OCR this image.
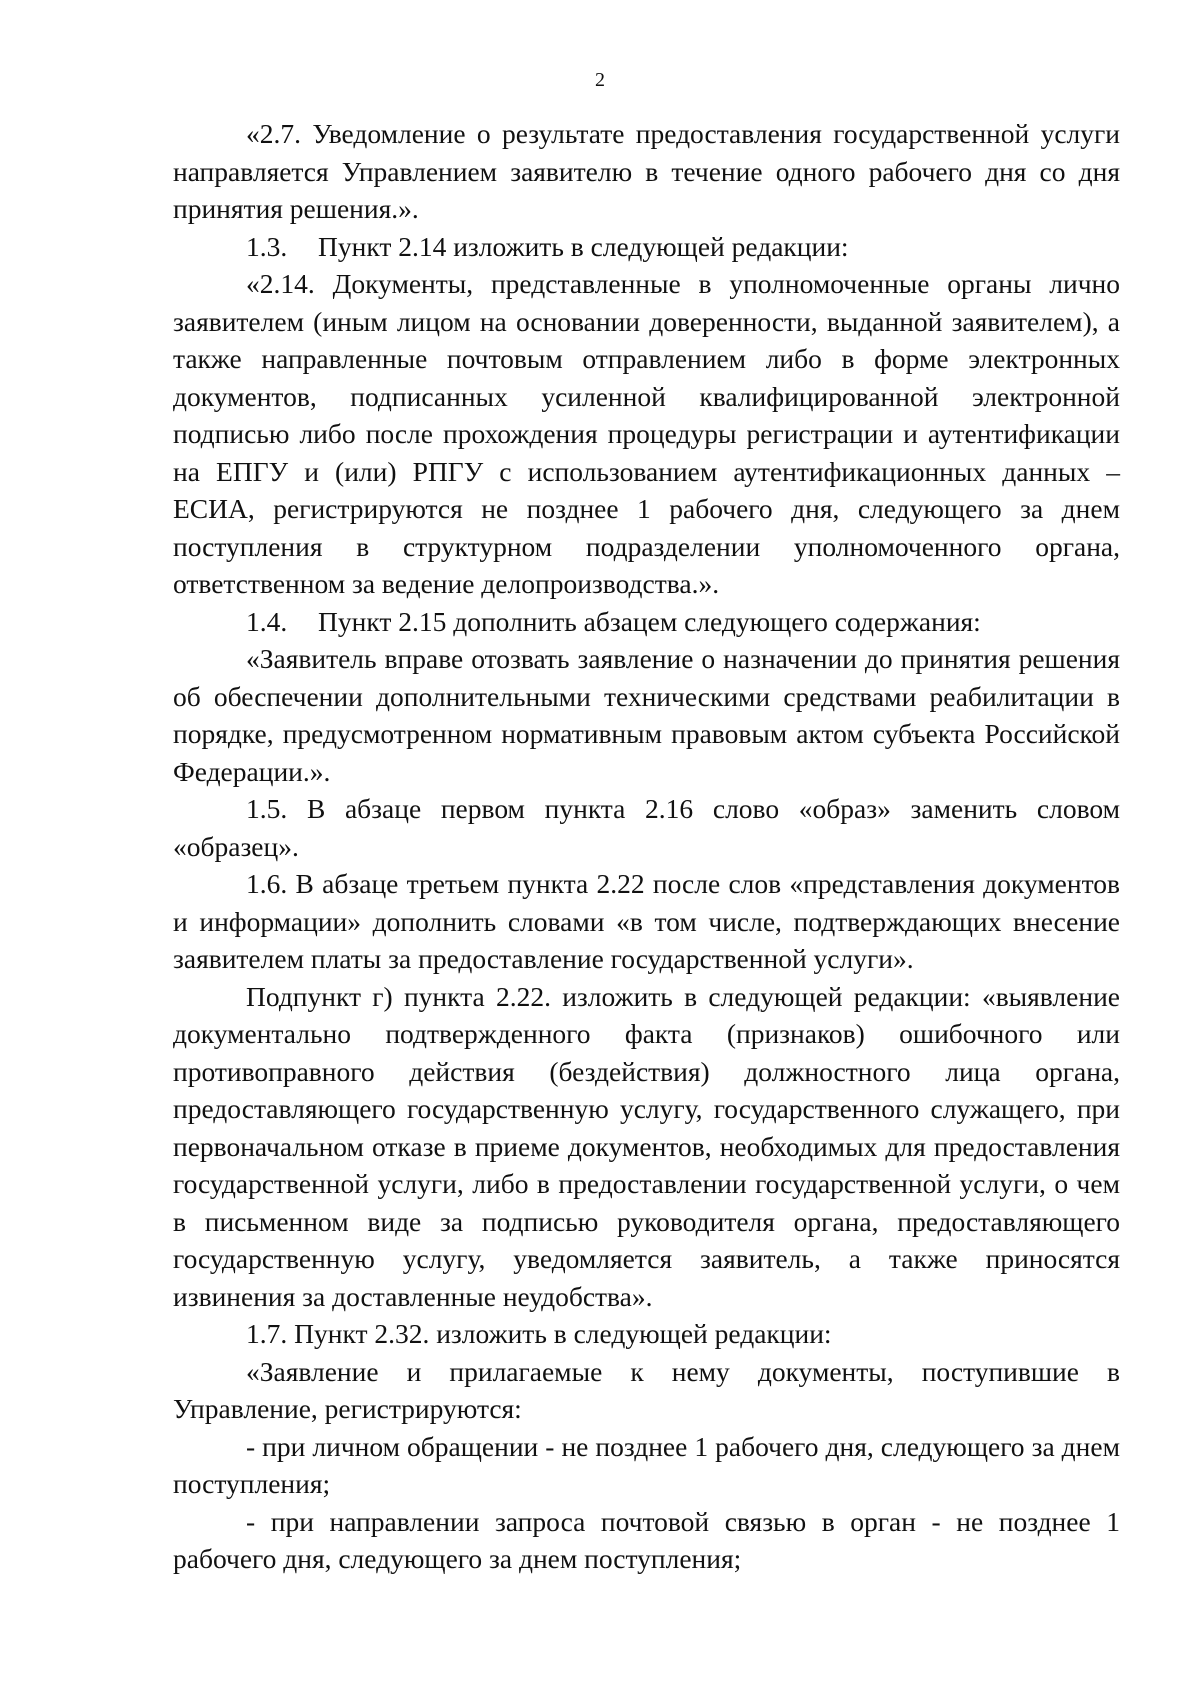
2

«2.7. Уведомление о результате предоставления государственной услуги направляется Управлением заявителю в течение одного рабочего дня со дня принятия решения.».

1.3. Пункт 2.14 изложить в следующей редакции:

«2.14. Документы, представленные в уполномоченные органы лично заявителем (иным лицом на основании доверенности, выданной заявителем), а также направленные почтовым отправлением либо в форме электронных документов, подписанных усиленной квалифицированной электронной подписью либо после прохождения процедуры регистрации и аутентификации на ЕПГУ и (или) РПГУ с использованием аутентификационных данных – ЕСИА, регистрируются не позднее 1 рабочего дня, следующего за днем поступления в структурном подразделении уполномоченного органа, ответственном за ведение делопроизводства.».

1.4. Пункт 2.15 дополнить абзацем следующего содержания:

«Заявитель вправе отозвать заявление о назначении до принятия решения об обеспечении дополнительными техническими средствами реабилитации в порядке, предусмотренном нормативным правовым актом субъекта Российской Федерации.».

1.5. В абзаце первом пункта 2.16 слово «образ» заменить словом «образец».

1.6. В абзаце третьем пункта 2.22 после слов «представления документов и информации» дополнить словами «в том числе, подтверждающих внесение заявителем платы за предоставление государственной услуги».

Подпункт г) пункта 2.22. изложить в следующей редакции: «выявление документально подтвержденного факта (признаков) ошибочного или противоправного действия (бездействия) должностного лица органа, предоставляющего государственную услугу, государственного служащего, при первоначальном отказе в приеме документов, необходимых для предоставления государственной услуги, либо в предоставлении государственной услуги, о чем в письменном виде за подписью руководителя органа, предоставляющего государственную услугу, уведомляется заявитель, а также приносятся извинения за доставленные неудобства».

1.7. Пункт 2.32. изложить в следующей редакции:

«Заявление и прилагаемые к нему документы, поступившие в Управление, регистрируются:

- при личном обращении - не позднее 1 рабочего дня, следующего за днем поступления;

- при направлении запроса почтовой связью в орган - не позднее 1 рабочего дня, следующего за днем поступления;
